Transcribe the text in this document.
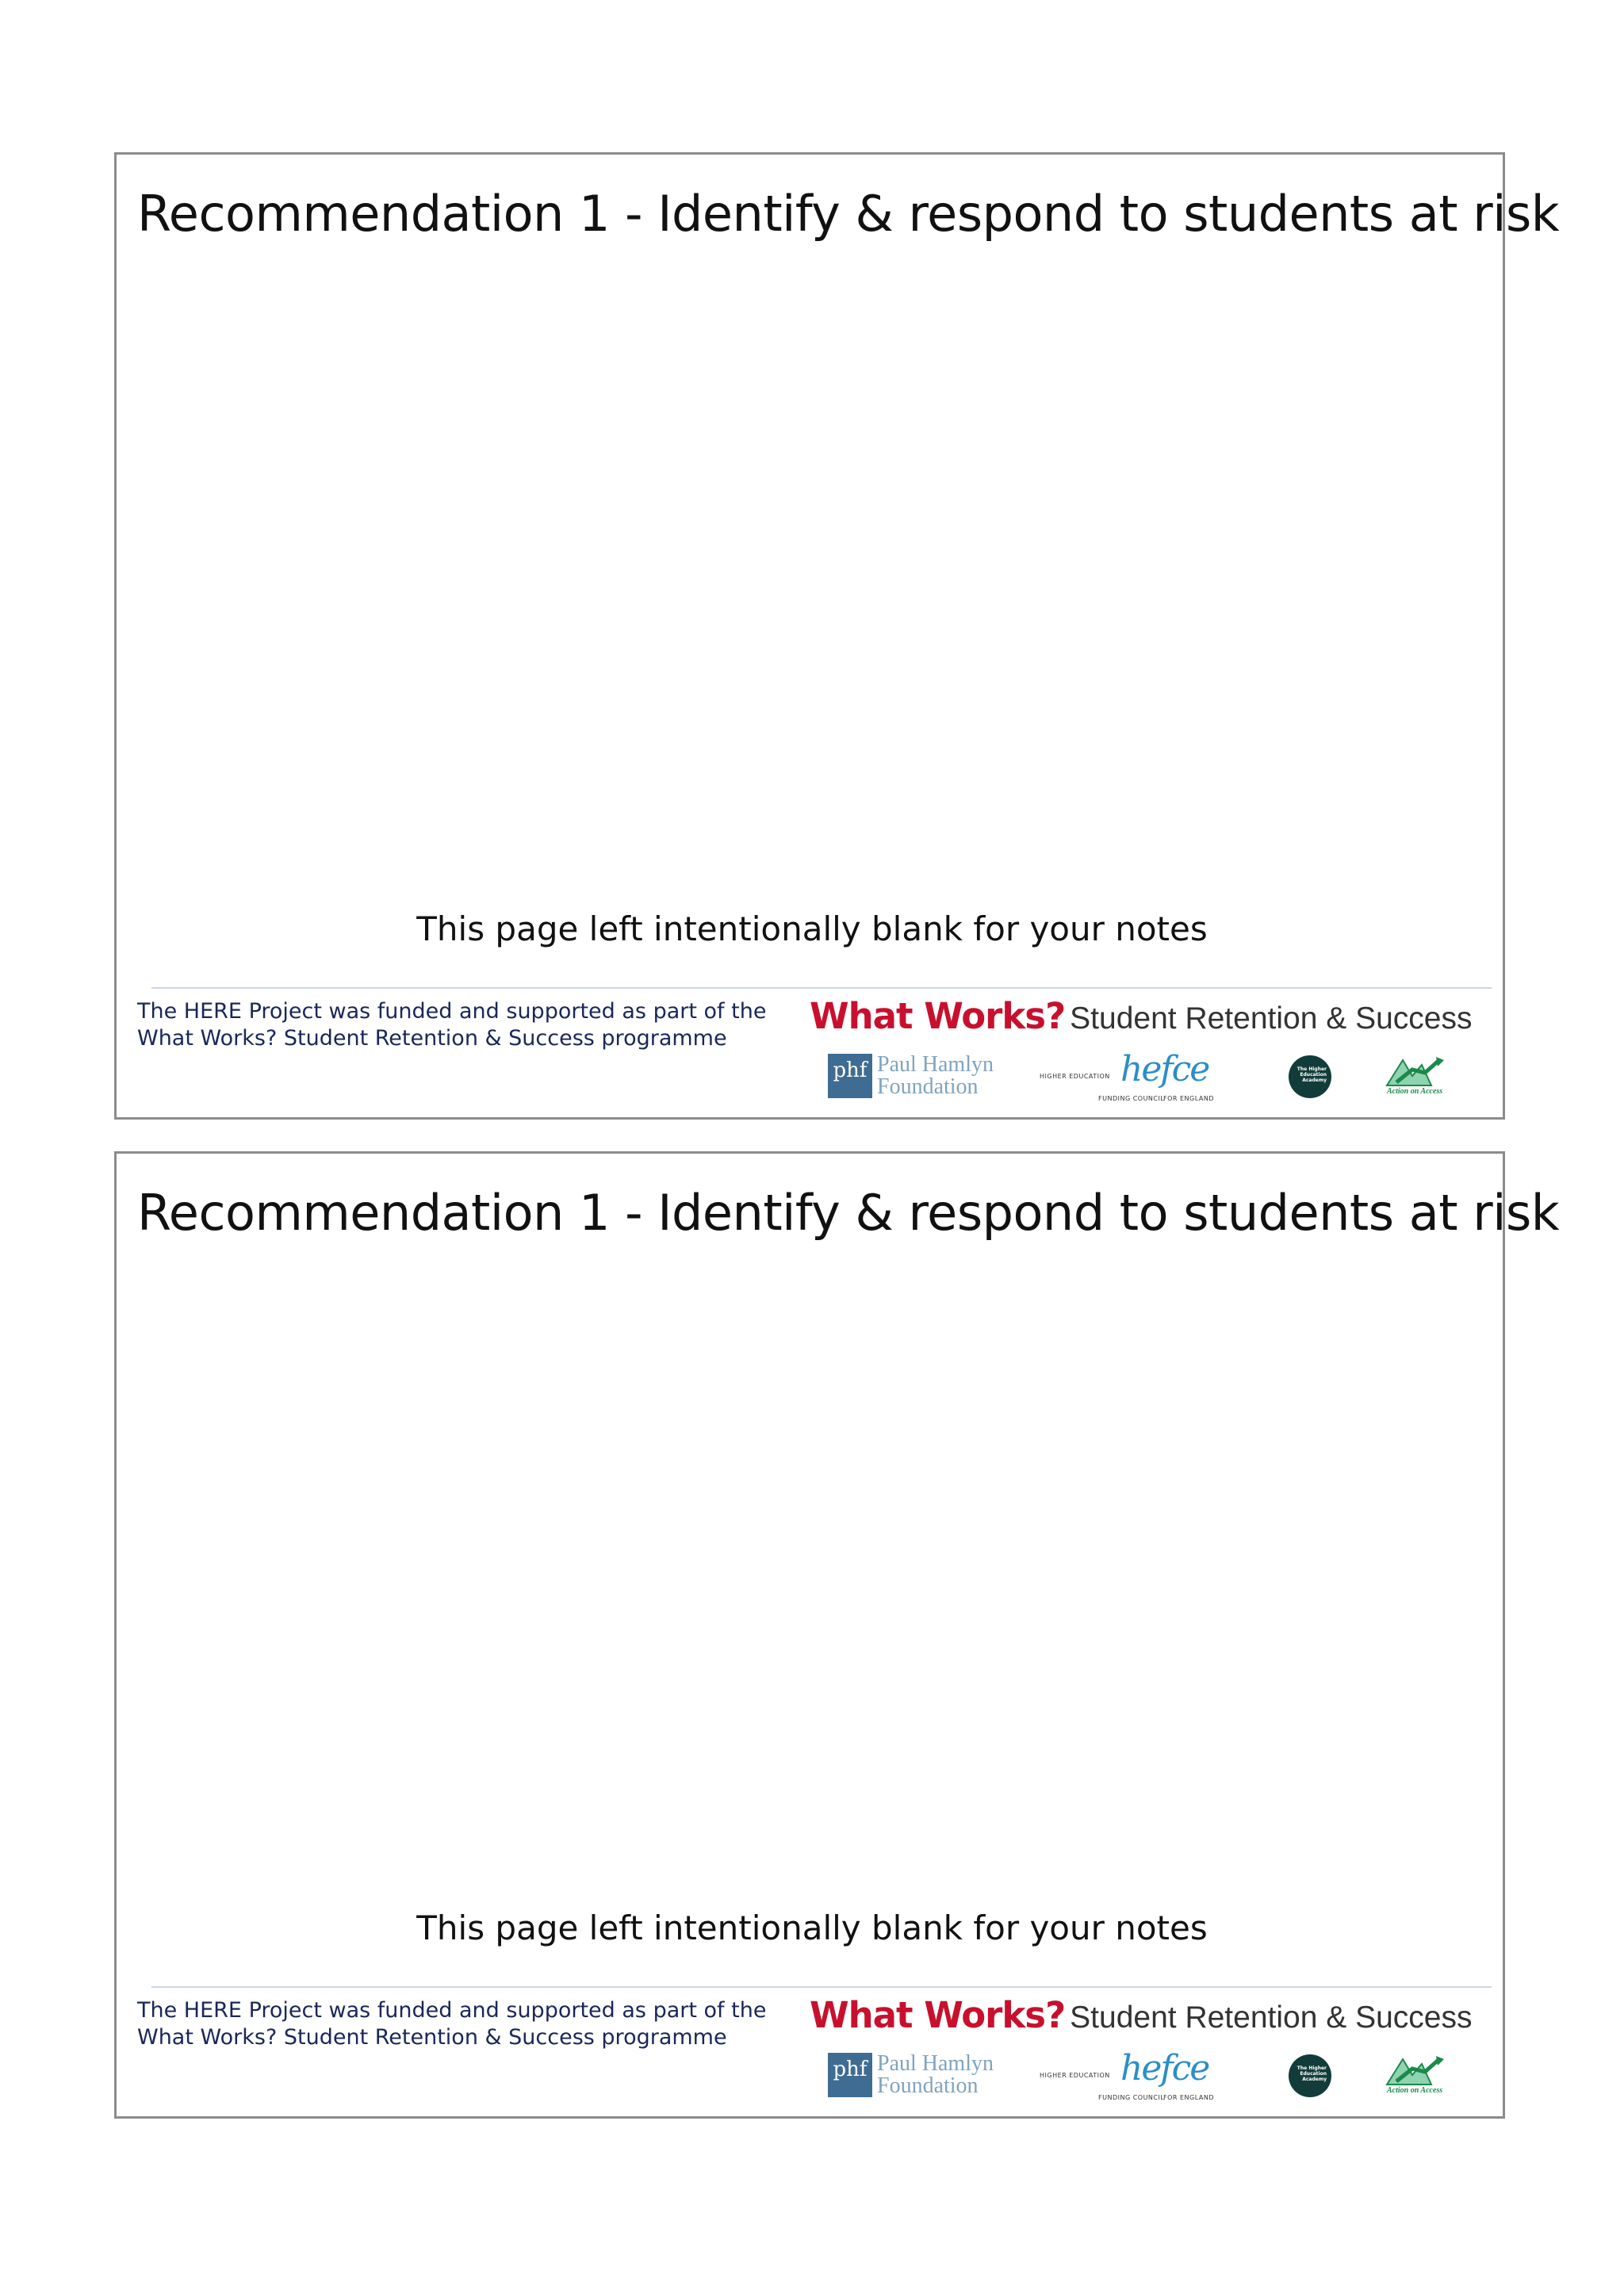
Recommendation 1 - Identify & respond to students at risk
This page left intentionally blank for your notes
The HERE Project was funded and supported as part of the
What Works? Student Retention & Success programme
What Works? Student Retention & Success
phf Paul Hamlyn
Foundation	HIGHER EDUCATION hefce
FUNDING COUNCIL
FOR ENGLAND
The Higher Education Academy
Action on Access
Recommendation 1 - Identify & respond to students at risk
This page left intentionally blank for your notes
The HERE Project was funded and supported as part of the
What Works? Student Retention & Success programme
What Works? Student Retention & Success
phf Paul Hamlyn
Foundation	HIGHER EDUCATION hefce
FUNDING COUNCIL
FOR ENGLAND
The Higher Education Academy
Action on Access
